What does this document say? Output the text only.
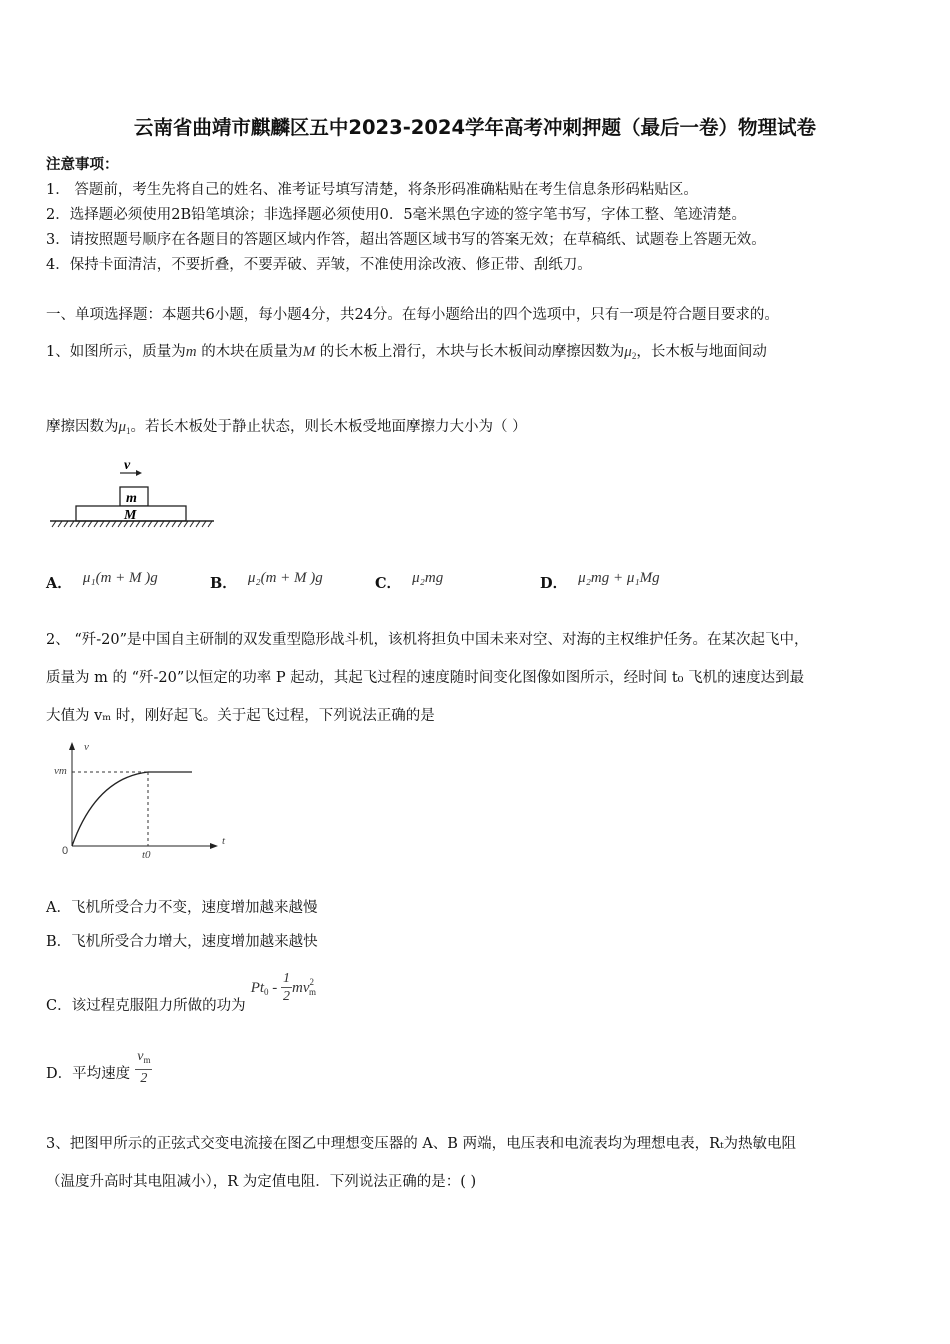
云南省曲靖市麒麟区五中2023-2024学年高考冲刺押题（最后一卷）物理试卷
注意事项：
1． 答题前，考生先将自己的姓名、准考证号填写清楚，将条形码准确粘贴在考生信息条形码粘贴区。
2．选择题必须使用2B铅笔填涂；非选择题必须使用0．5毫米黑色字迹的签字笔书写，字体工整、笔迹清楚。
3．请按照题号顺序在各题目的答题区域内作答，超出答题区域书写的答案无效；在草稿纸、试题卷上答题无效。
4．保持卡面清洁，不要折叠，不要弄破、弄皱，不准使用涂改液、修正带、刮纸刀。
一、单项选择题：本题共6小题，每小题4分，共24分。在每小题给出的四个选项中，只有一项是符合题目要求的。
1、如图所示，质量为m 的木块在质量为M 的长木板上滑行，木块与长木板间动摩擦因数为$\mu_2$，长木板与地面间动
摩擦因数为$\mu_1$。若长木板处于静止状态，则长木板受地面摩擦力大小为（ ）
v
m
M
A． μ₁(m + M )g	B． μ₂(m + M )g	C． μ₂mg	D． μ₂mg + μ₁Mg
2、 “歼-20”是中国自主研制的双发重型隐形战斗机，该机将担负中国未来对空、对海的主权维护任务。在某次起飞中，
质量为 m 的 “歼-20”以恒定的功率 P 起动，其起飞过程的速度随时间变化图像如图所示，经时间 t₀ 飞机的速度达到最
大值为 vₘ 时，刚好起飞。关于起飞过程，下列说法正确的是
v
t
vm
t0
0
A．飞机所受合力不变，速度增加越来越慢
B．飞机所受合力增大，速度增加越来越快
C．该过程克服阻力所做的功为 $Pt_0 - \frac{1}{2} mv^2_m$
D．平均速度 $\frac{v_m}{2}$
3、把图甲所示的正弦式交变电流接在图乙中理想变压器的 A、B 两端，电压表和电流表均为理想电表，Rₜ为热敏电阻
（温度升高时其电阻减小），R 为定值电阻．下列说法正确的是：( )
